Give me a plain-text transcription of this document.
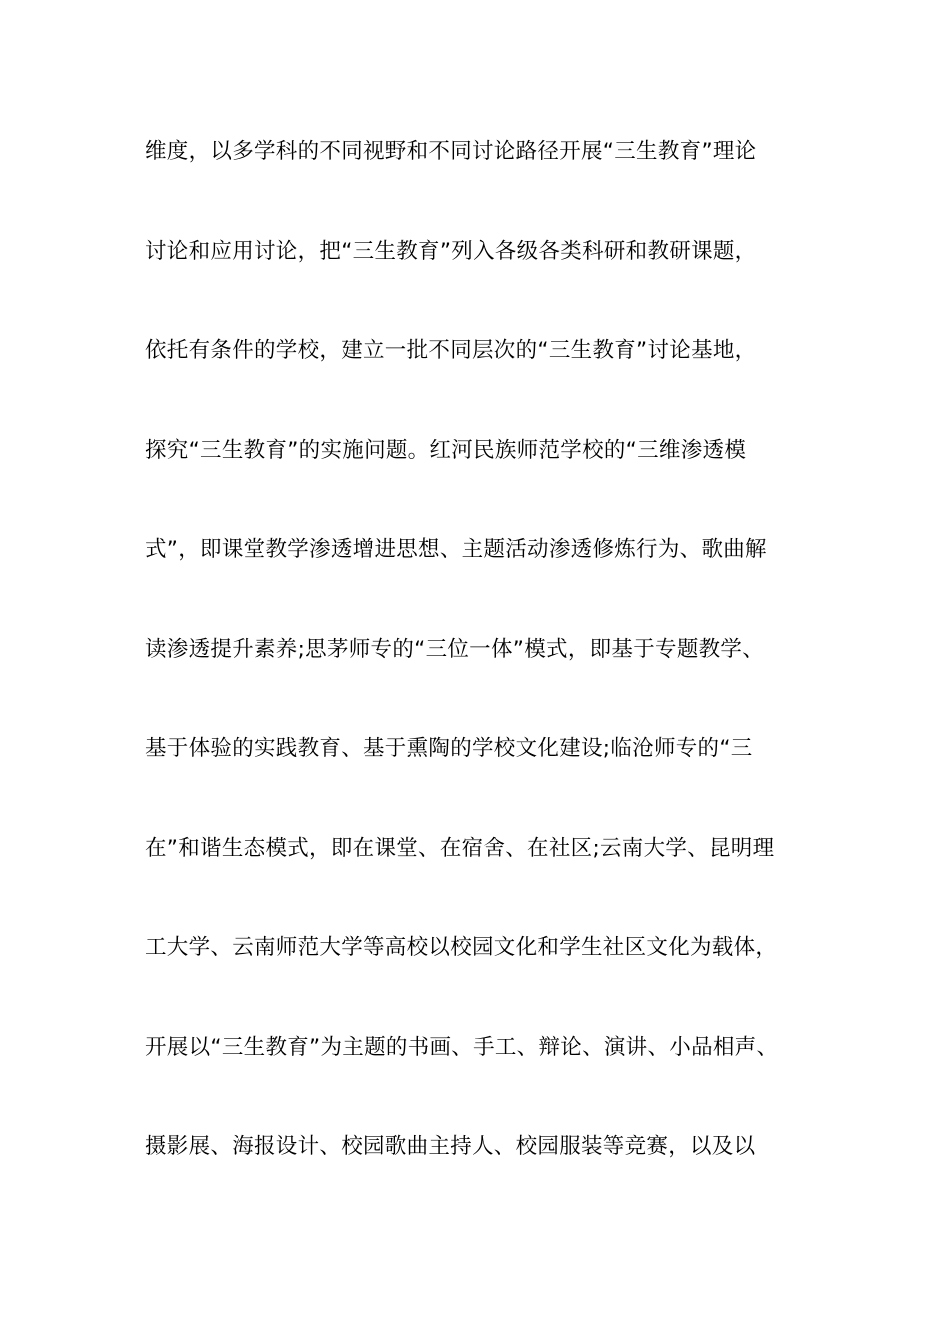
维度，以多学科的不同视野和不同讨论路径开展“三生教育”理论
讨论和应用讨论，把“三生教育”列入各级各类科研和教研课题，
依托有条件的学校，建立一批不同层次的“三生教育”讨论基地，
探究“三生教育”的实施问题。红河民族师范学校的“三维渗透模
式”，即课堂教学渗透增进思想、主题活动渗透修炼行为、歌曲解
读渗透提升素养;思茅师专的“三位一体”模式，即基于专题教学、
基于体验的实践教育、基于熏陶的学校文化建设;临沧师专的“三
在”和谐生态模式，即在课堂、在宿舍、在社区;云南大学、昆明理
工大学、云南师范大学等高校以校园文化和学生社区文化为载体，
开展以“三生教育”为主题的书画、手工、辩论、演讲、小品相声、
摄影展、海报设计、校园歌曲主持人、校园服装等竞赛，以及以
